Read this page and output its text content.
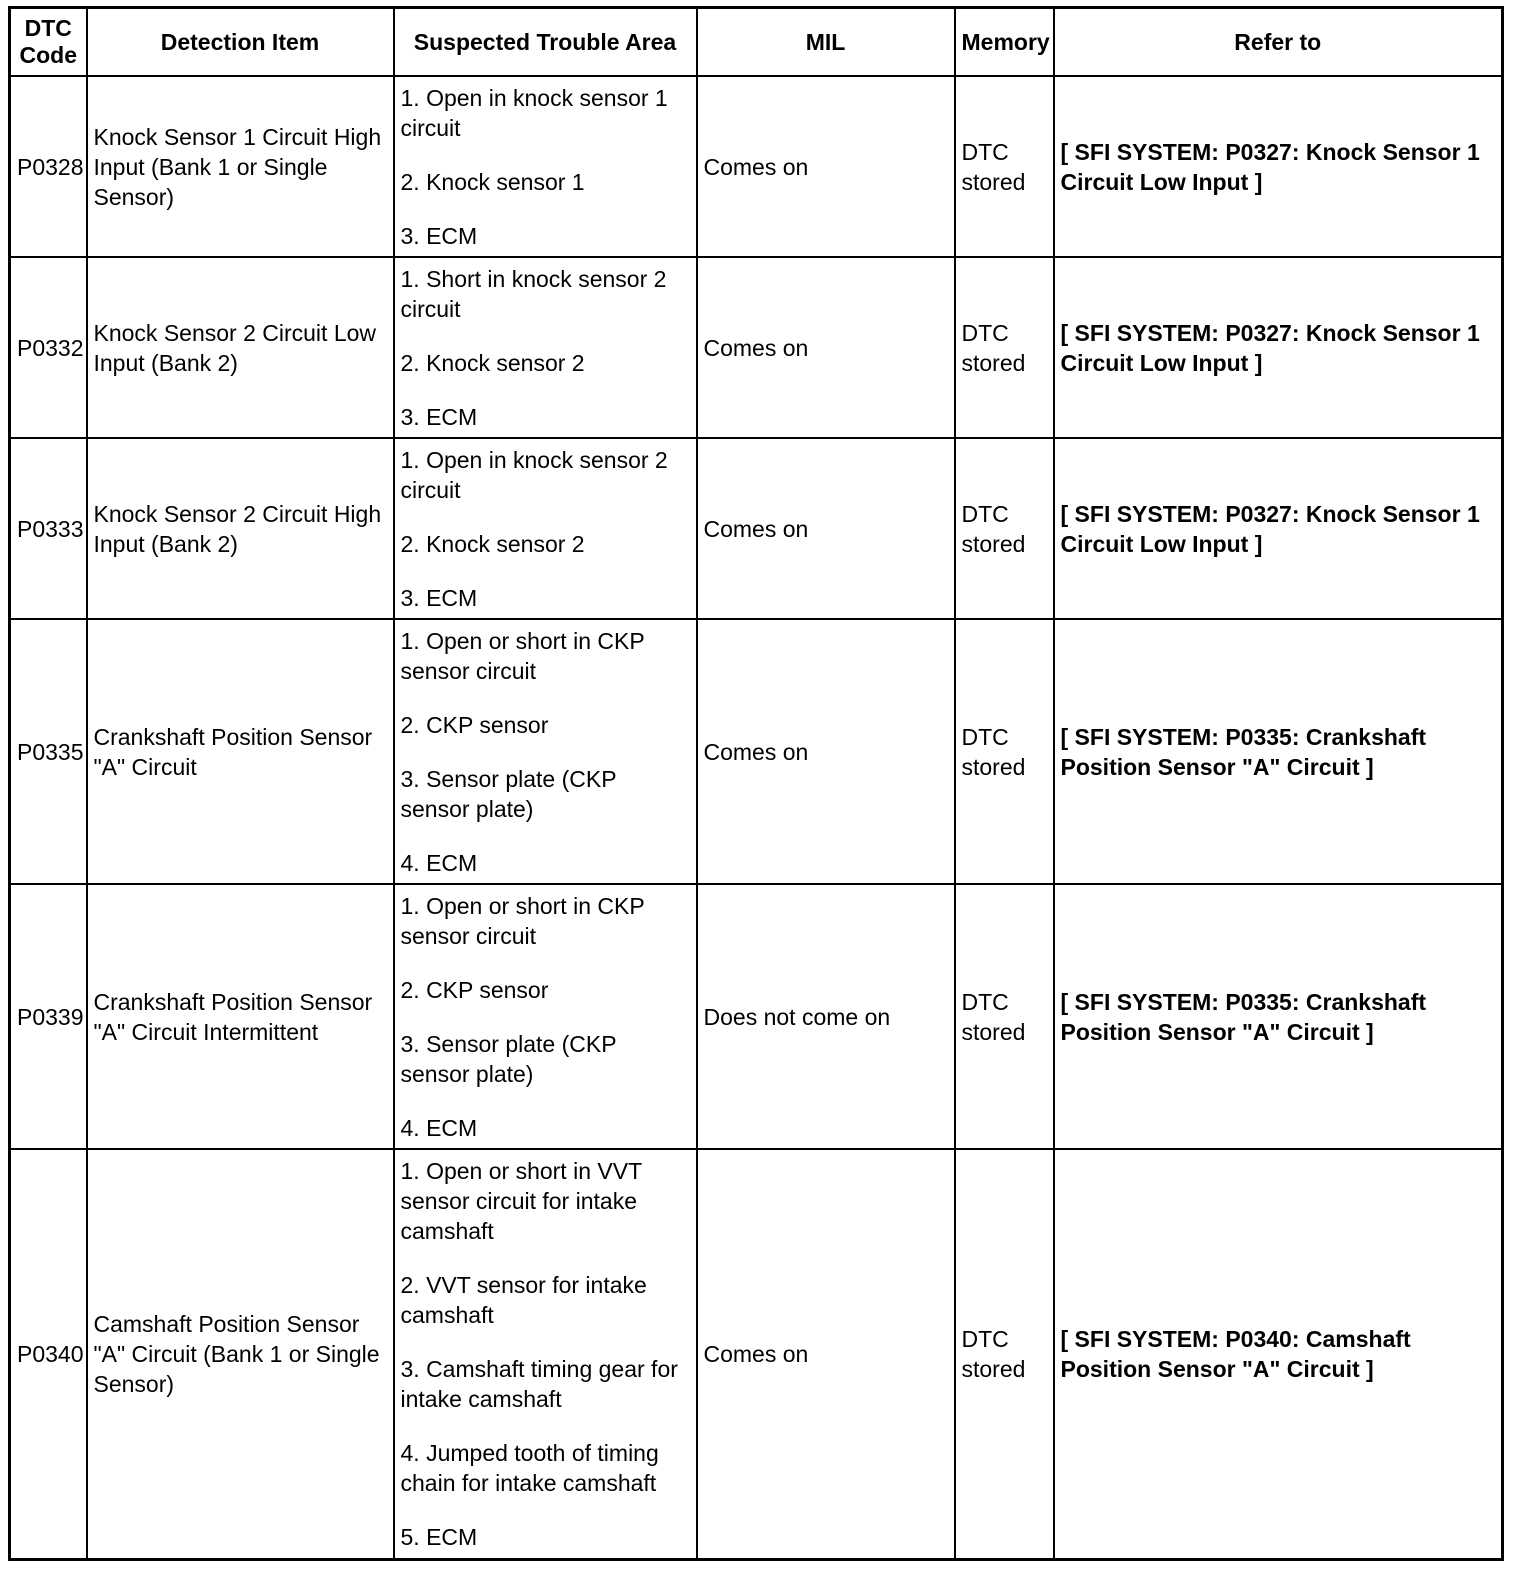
DTC Code	Detection Item	Suspected Trouble Area	MIL	Memory	Refer to
P0328	Knock Sensor 1 Circuit High Input (Bank 1 or Single Sensor)	1. Open in knock sensor 1 circuit
2. Knock sensor 1
3. ECM	Comes on	DTC stored	[ SFI SYSTEM: P0327: Knock Sensor 1 Circuit Low Input ]
P0332	Knock Sensor 2 Circuit Low Input (Bank 2)	1. Short in knock sensor 2 circuit
2. Knock sensor 2
3. ECM	Comes on	DTC stored	[ SFI SYSTEM: P0327: Knock Sensor 1 Circuit Low Input ]
P0333	Knock Sensor 2 Circuit High Input (Bank 2)	1. Open in knock sensor 2 circuit
2. Knock sensor 2
3. ECM	Comes on	DTC stored	[ SFI SYSTEM: P0327: Knock Sensor 1 Circuit Low Input ]
P0335	Crankshaft Position Sensor "A" Circuit	1. Open or short in CKP sensor circuit
2. CKP sensor
3. Sensor plate (CKP sensor plate)
4. ECM	Comes on	DTC stored	[ SFI SYSTEM: P0335: Crankshaft Position Sensor "A" Circuit ]
P0339	Crankshaft Position Sensor "A" Circuit Intermittent	1. Open or short in CKP sensor circuit
2. CKP sensor
3. Sensor plate (CKP sensor plate)
4. ECM	Does not come on	DTC stored	[ SFI SYSTEM: P0335: Crankshaft Position Sensor "A" Circuit ]
P0340	Camshaft Position Sensor "A" Circuit (Bank 1 or Single Sensor)	1. Open or short in VVT sensor circuit for intake camshaft
2. VVT sensor for intake camshaft
3. Camshaft timing gear for intake camshaft
4. Jumped tooth of timing chain for intake camshaft
5. ECM	Comes on	DTC stored	[ SFI SYSTEM: P0340: Camshaft Position Sensor "A" Circuit ]
